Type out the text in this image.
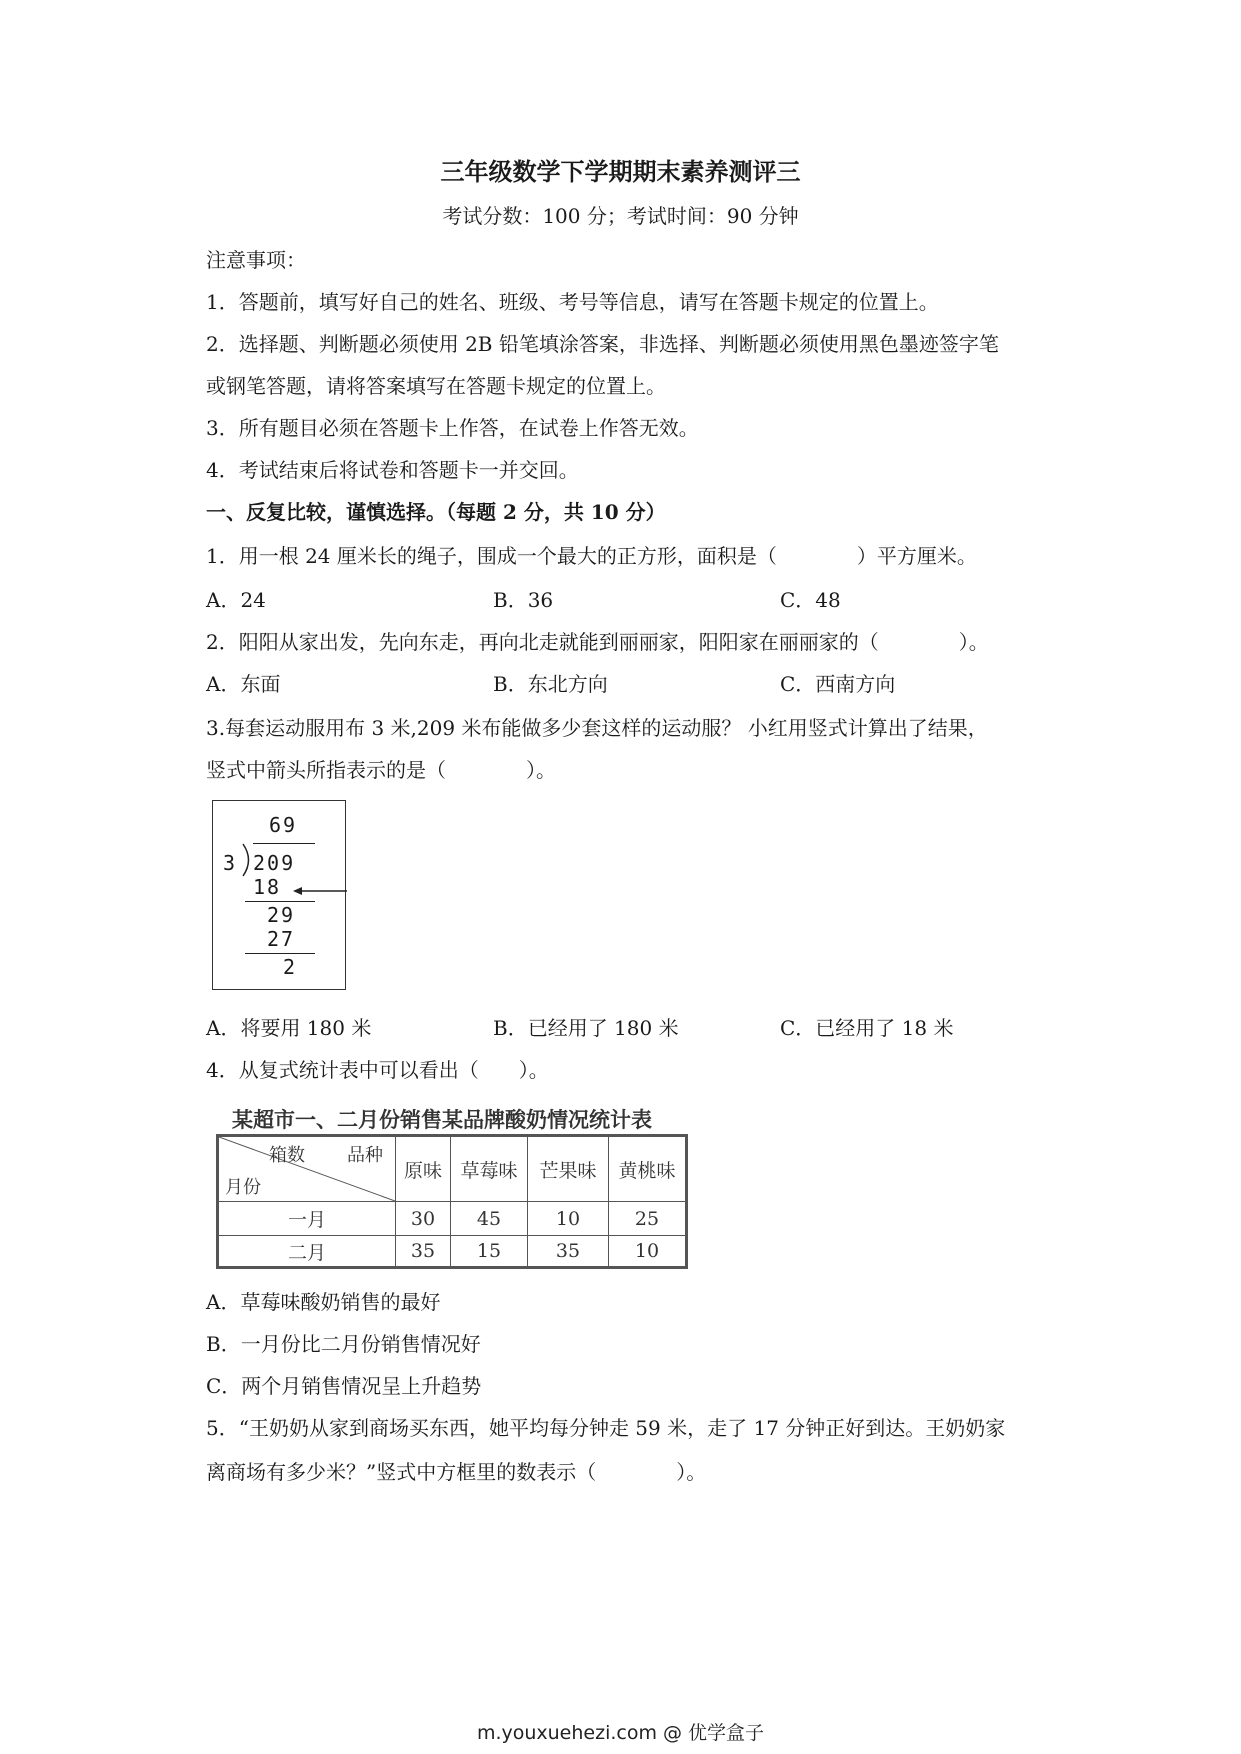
三年级数学下学期期末素养测评三
考试分数：100 分；考试时间：90 分钟
注意事项：
1．答题前，填写好自己的姓名、班级、考号等信息，请写在答题卡规定的位置上。
2．选择题、判断题必须使用 2B 铅笔填涂答案，非选择、判断题必须使用黑色墨迹签字笔
或钢笔答题，请将答案填写在答题卡规定的位置上。
3．所有题目必须在答题卡上作答，在试卷上作答无效。
4．考试结束后将试卷和答题卡一并交回。
一、反复比较，谨慎选择。（每题 2 分，共 10 分）
1．用一根 24 厘米长的绳子，围成一个最大的正方形，面积是（　　　　）平方厘米。
A．24	B．36	C．48
2．阳阳从家出发，先向东走，再向北走就能到丽丽家，阳阳家在丽丽家的（　　　　）。
A．东面	B．东北方向	C．西南方向
3.每套运动服用布 3 米,209 米布能做多少套这样的运动服？ 小红用竖式计算出了结果，
竖式中箭头所指表示的是（　　　　）。
69
3 209
18
29
27
2
A．将要用 180 米	B．已经用了 180 米	C．已经用了 18 米
4．从复式统计表中可以看出（　　）。
某超市一、二月份销售某品牌酸奶情况统计表
箱数 品种
月份	原味	草莓味	芒果味	黄桃味
一月	30	45	10	25
二月	35	15	35	10
A．草莓味酸奶销售的最好
B．一月份比二月份销售情况好
C．两个月销售情况呈上升趋势
5．“王奶奶从家到商场买东西，她平均每分钟走 59 米，走了 17 分钟正好到达。王奶奶家
离商场有多少米？”竖式中方框里的数表示（　　　　）。
m.youxuehezi.com @ 优学盒子
